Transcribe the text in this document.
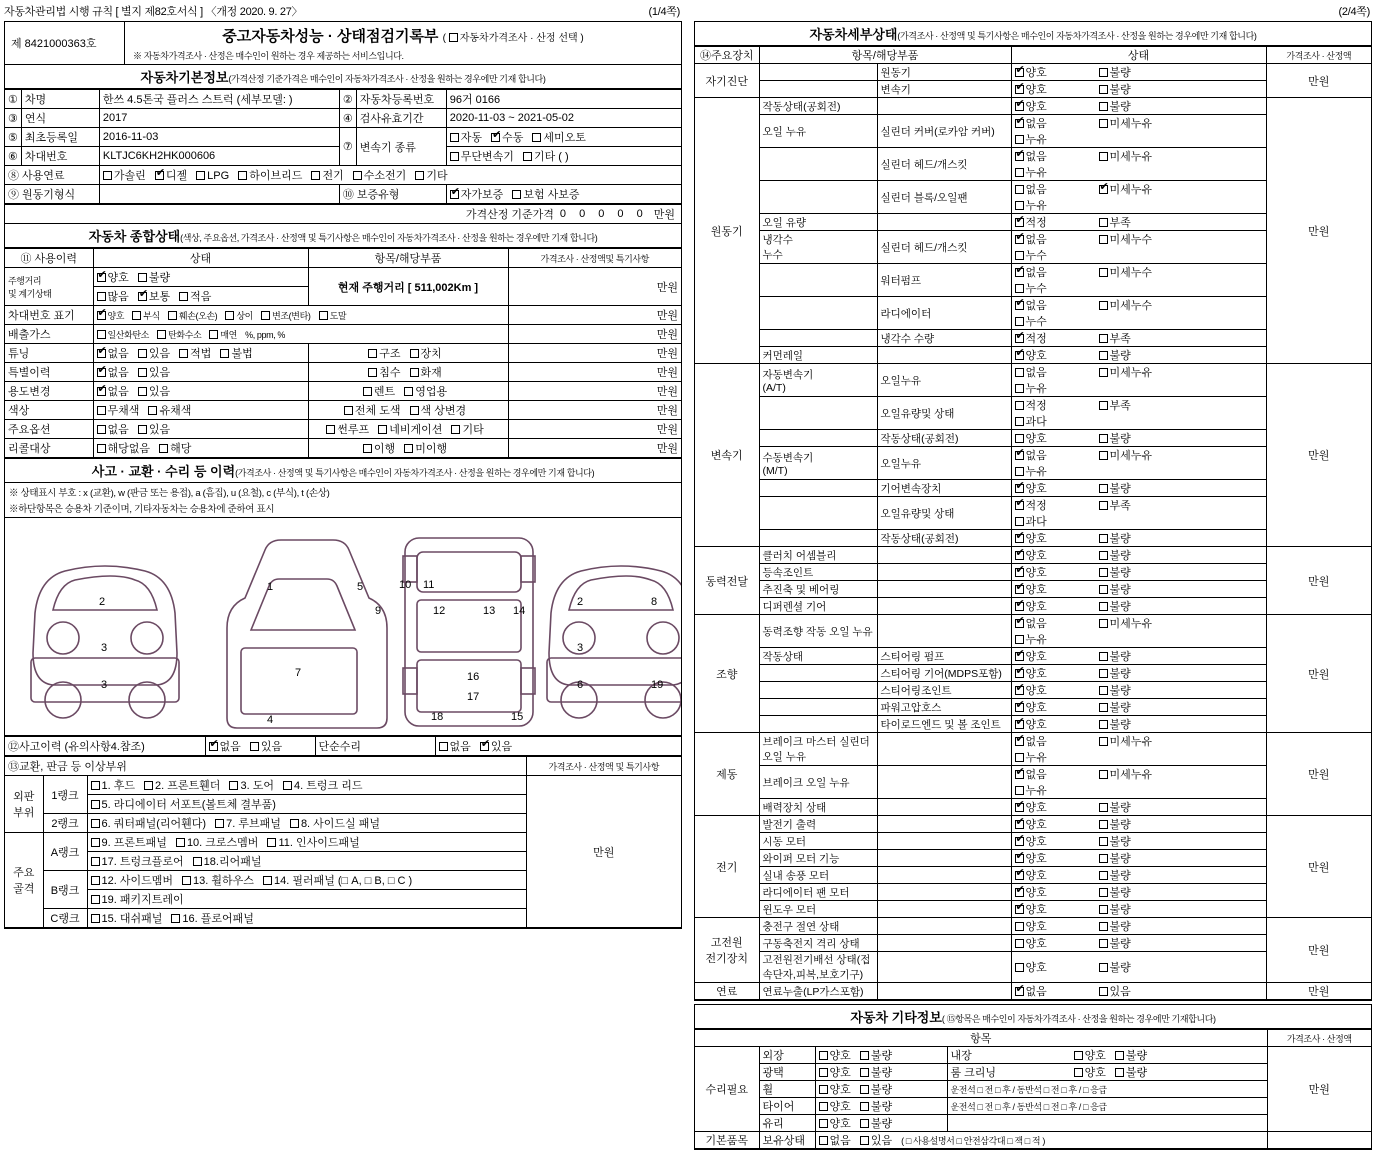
자동차관리법 시행 규칙 [ 별지 제82호서식 ] 〈개정 2020. 9. 27〉	(1/4쪽)
제 8421000363호	중고자동차성능 · 상태점검기록부 ( 자동차가격조사 · 산정 선택 )
※ 자동차가격조사 · 산정은 매수인이 원하는 경우 제공하는 서비스입니다.
자동차기본정보(가격산정 기준가격은 매수인이 자동차가격조사 · 산정을 원하는 경우에만 기재 합니다)
①	차명	한쓰 4.5톤국 플러스 스트럭 (세부모델: )	②	자동차등록번호	96거 0166
③	연식	2017	④	검사유효기간	2020-11-03 ~ 2021-05-02
⑤	최초등록일	2016-11-03	⑦	변속기 종류	자동 ✔ 수동 세미오토
⑥	차대번호	KLTJC6KH2HK000606			무단변속기 기타 ( )
⑧ 사용연료		가솔린 ✔ 디젤 LPG 하이브리드 전기 수소전기 기타
⑨ 원동기형식			⑩ 보증유형	✔자가보증 보험 사보증
가격산정 기준가격 0 0 0 0 0 만원
자동차 종합상태(색상, 주요옵션, 가격조사 · 산정액 및 특기사항은 매수인이 자동차가격조사 · 산정을 원하는 경우에만 기재 합니다)
⑪ 사용이력	상태	항목/해당부품	가격조사 · 산정액및 특기사항
주행거리
및 계기상태	✔양호 불량	현재 주행거리 [ 511,002Km ]	만원
	많음 ✔ 보통 적음
차대번호 표기	✔양호 부식 훼손(오손) 상이 변조(변타) 도말		만원
배출가스	일산화탄소 탄화수소 매연 %, ppm, %		만원
튜닝	✔없음 있음 적법 불법	구조 장치	만원
특별이력	✔없음 있음	침수 화재	만원
용도변경	✔없음 있음	렌트 영업용	만원
색상	무채색 유채색	전체 도색 색 상변경	만원
주요옵션	없음 있음	썬루프 네비게이션 기타	만원
리콜대상	해당없음 해당	이행 미이행	만원
사고 · 교환 · 수리 등 이력(가격조사 · 산정액 및 특기사항은 매수인이 자동차가격조사 · 산정을 원하는 경우에만 기재 합니다)
※ 상태표시 부호 : x (교환), w (판금 또는 용접), a (흠집), u (요철), c (부식), t (손상)
※하단항목은 승용차 기준이며, 기타자동차는 승용차에 준하여 표시
2
3
3
1
7
4
5
9
10 11
12	13 14
16
17
18	15
2
3
6
8
19
⑫사고이력 (유의사항4.참조)	✔없음 있음	단순수리	없음 ✔ 있음
⑬교환, 판금 등 이상부위			가격조사 · 산정액 및 특기사항
외판
부위	1랭크	1. 후드 2. 프론트휀더 3. 도어 4. 트렁크 리드	만원
		5. 라디에이터 서포트(볼트체 결부품)	
	2랭크	6. 쿼터패널(리어휀다) 7. 루브패널 8. 사이드실 패널	
주요
골격	A랭크	9. 프론트패널 10. 크로스멤버 11. 인사이드패널	
		17. 트렁크플로어 18.리어패널	
	B랭크	12. 사이드멤버 13. 휠하우스 14. 필러패널 (□ A, □ B, □ C )	
		19. 패키지트레이	
	C랭크	15. 대쉬패널 16. 플로어패널	
(2/4쪽)
자동차세부상태(가격조사 · 산정액 및 특기사항은 매수인이 자동차가격조사 · 산정을 원하는 경우에만 기재 합니다)
⑭주요장치	항목/해당부품		상태	가격조사 · 산정액
자기진단		원동기	✔양호 불량	만원
		변속기	✔양호 불량
원동기	작동상태(공회전)		✔양호 불량	만원
	오일 누유	실린더 커버(로카암 커버)	✔없음 미세누유누유
		실린더 헤드/개스킷	✔없음 미세누유누유
		실린더 블록/오일팬	없음 ✔ 미세누유누유
	오일 유량		✔적정 부족
	냉각수
누수	실린더 헤드/개스킷	✔없음 미세누수누수
		워터펌프	✔없음 미세누수누수
		라디에이터	✔없음 미세누수누수
		냉각수 수량	✔적정 부족
	커먼레일		✔양호 불량
변속기	자동변속기
(A/T)	오일누유	없음 미세누유누유	만원
		오일유량및 상태	적정 부족과다	
		작동상태(공회전)	양호 불량	
	수동변속기
(M/T)	오일누유	✔없음 미세누유누유
		기어변속장치	✔양호 불량
		오일유량및 상태	✔적정 부족과다
		작동상태(공회전)	✔양호 불량
동력전달	클러치 어셈블리		✔양호 불량	만원
	등속조인트		✔양호 불량
	추진축 및 베어링		✔양호 불량
	디퍼렌셜 기어		✔양호 불량
조향	동력조향 작동 오일 누유		✔없음 미세누유누유	만원
	작동상태	스티어링 펌프	✔양호 불량
		스티어링 기어(MDPS포함)	✔양호 불량
		스티어링조인트	✔양호 불량
		파워고압호스	✔양호 불량
		타이로드엔드 및 볼 조인트	✔양호 불량
제동	브레이크 마스터 실린더오일 누유		✔없음 미세누유누유	만원
	브레이크 오일 누유		✔없음 미세누유누유
	배력장치 상태		✔양호 불량
전기	발전기 출력		✔양호 불량	만원
	시동 모터		✔양호 불량
	와이퍼 모터 기능		✔양호 불량
	실내 송풍 모터		✔양호 불량
	라디에이터 팬 모터		✔양호 불량
	윈도우 모터		✔양호 불량
고전원
전기장치	충전구 절연 상태		양호 불량	만원
	구동축전지 격리 상태		양호 불량	
	고전원전기배선 상태(접속단자,피복,보호기구)		양호 불량	
연료	연료누출(LP가스포함)		✔없음 있음	만원
자동차 기타정보( ⑮항목은 매수인이 자동차가격조사 · 산정을 원하는 경우에만 기재합니다)
항목				가격조사 · 산정액
수리필요	외장	양호 불량	내장 양호 불량	만원
	광택	양호 불량	룸 크리닝 양호 불량	
	휠	양호 불량	운전석 □ 전 □ 후 / 동반석 □ 전 □ 후 / □ 응급	
	타이어	양호 불량	운전석 □ 전 □ 후 / 동반석 □ 전 □ 후 / □ 응급	
	유리	양호 불량		
기본품목	보유상태	없음 있음 ( □ 사용설명서 □ 안전삼각대 □ 잭 □ 적 )		
